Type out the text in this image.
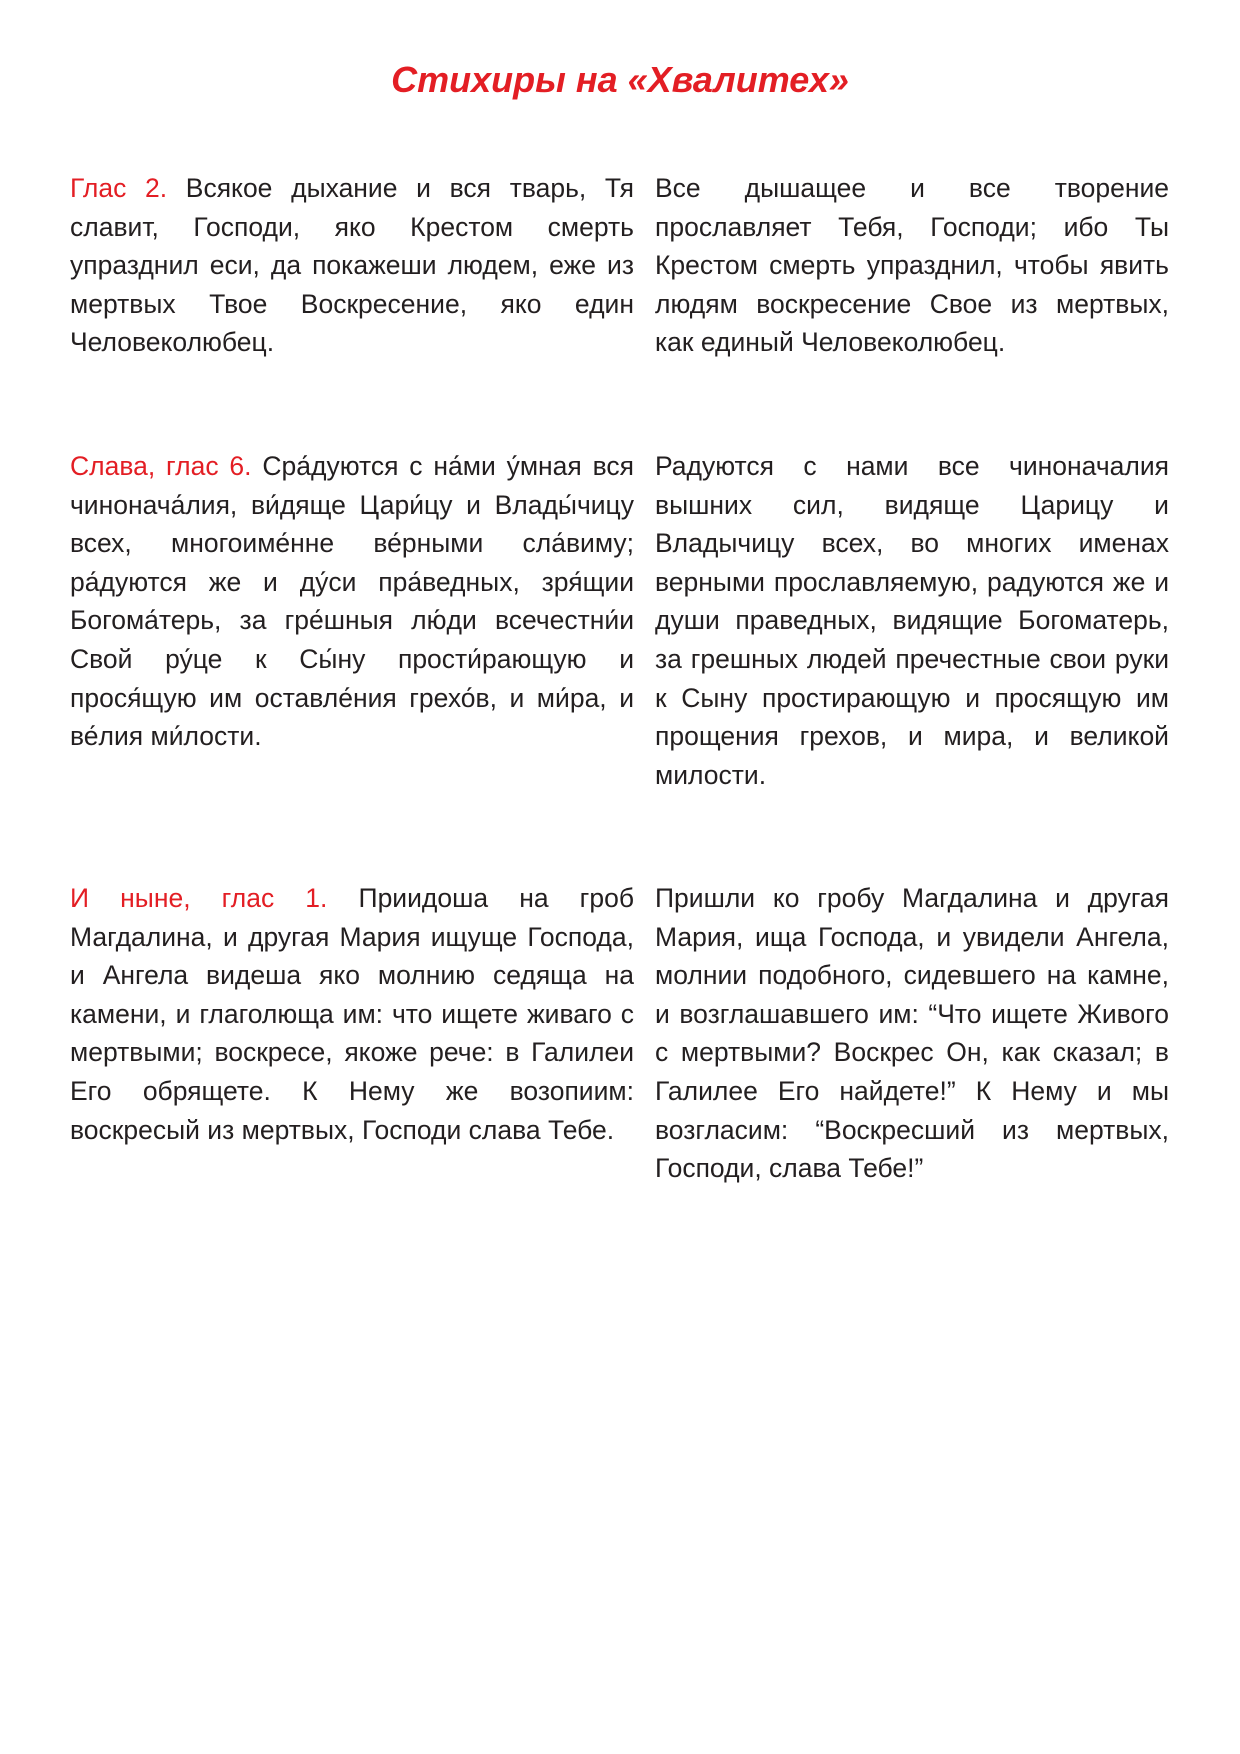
Стихиры на «Хвалитех»

Глас 2. Всякое дыхание и вся тварь, Тя славит, Господи, яко Крестом смерть упразднил еси, да покажеши людем, еже из мертвых Твое Воскресение, яко един Человеколюбец.

Все дышащее и все творение прославляет Тебя, Господи; ибо Ты Крестом смерть упразднил, чтобы явить людям воскресение Свое из мертвых, как единый Человеколюбец.

Слава, глас 6. Сра́дуются с на́ми у́мная вся чинонача́лия, ви́дяще Цари́цу и Влады́чицу всех, многоиме́нне ве́рными сла́виму; ра́дуются же и ду́си пра́ведных, зря́щии Богома́терь, за гре́шныя лю́ди всечестни́и Свой ру́це к Сы́ну прости́рающую и прося́щую им оставле́ния грехо́в, и ми́ра, и ве́лия ми́лости.

Радуются с нами все чиноначалия вышних сил, видяще Царицу и Владычицу всех, во многих именах верными прославляемую, радуются же и души праведных, видящие Богоматерь, за грешных людей пречестные свои руки к Сыну простирающую и просящую им прощения грехов, и мира, и великой милости.

И ныне, глас 1. Приидоша на гроб Магдалина, и другая Мария ищуще Господа, и Ангела видеша яко молнию седяща на камени, и глаголюща им: что ищете живаго с мертвыми; воскресе, якоже рече: в Галилеи Его обрящете. К Нему же возопиим: воскресый из мертвых, Господи слава Тебе.

Пришли ко гробу Магдалина и другая Мария, ища Господа, и увидели Ангела, молнии подобного, сидевшего на камне, и возглашавшего им: “Что ищете Живого с мертвыми? Воскрес Он, как сказал; в Галилее Его найдете!” К Нему и мы возгласим: “Воскресший из мертвых, Господи, слава Тебе!”
